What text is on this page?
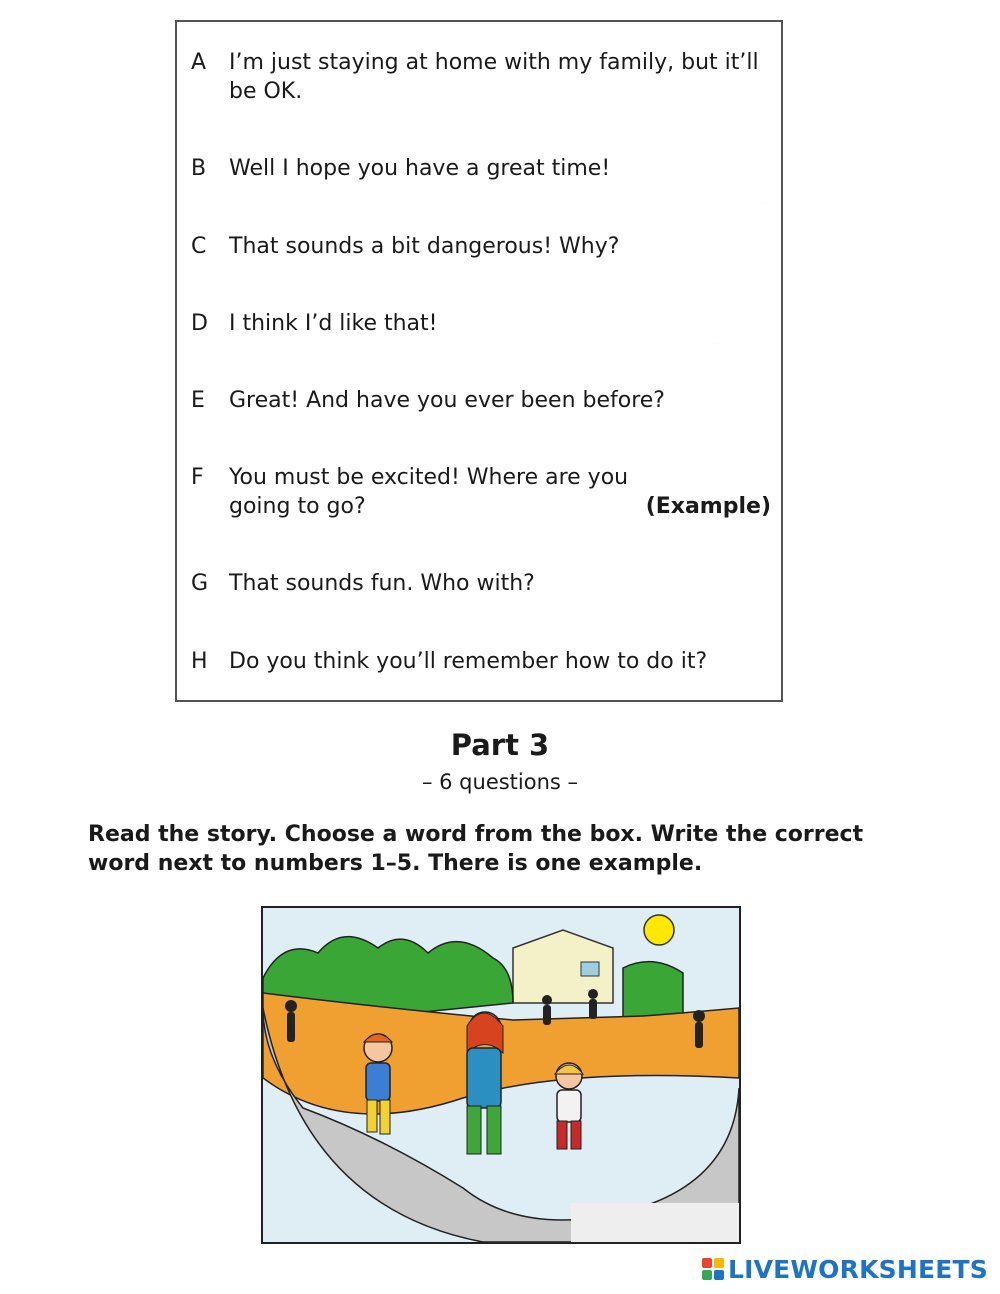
A	I’m just staying at home with my family, but it’ll be OK.
B	Well I hope you have a great time!
C	That sounds a bit dangerous! Why?
D I think I’d like that!
E	Great! And have you ever been before?
F	You must be excited! Where are you going to go?	(Example)
G That sounds fun. Who with?
H Do you think you’ll remember how to do it?
Part 3
– 6 questions –
Read the story. Choose a word from the box. Write the correct word next to numbers 1–5. There is one example.
LIVEWORKSHEETS
